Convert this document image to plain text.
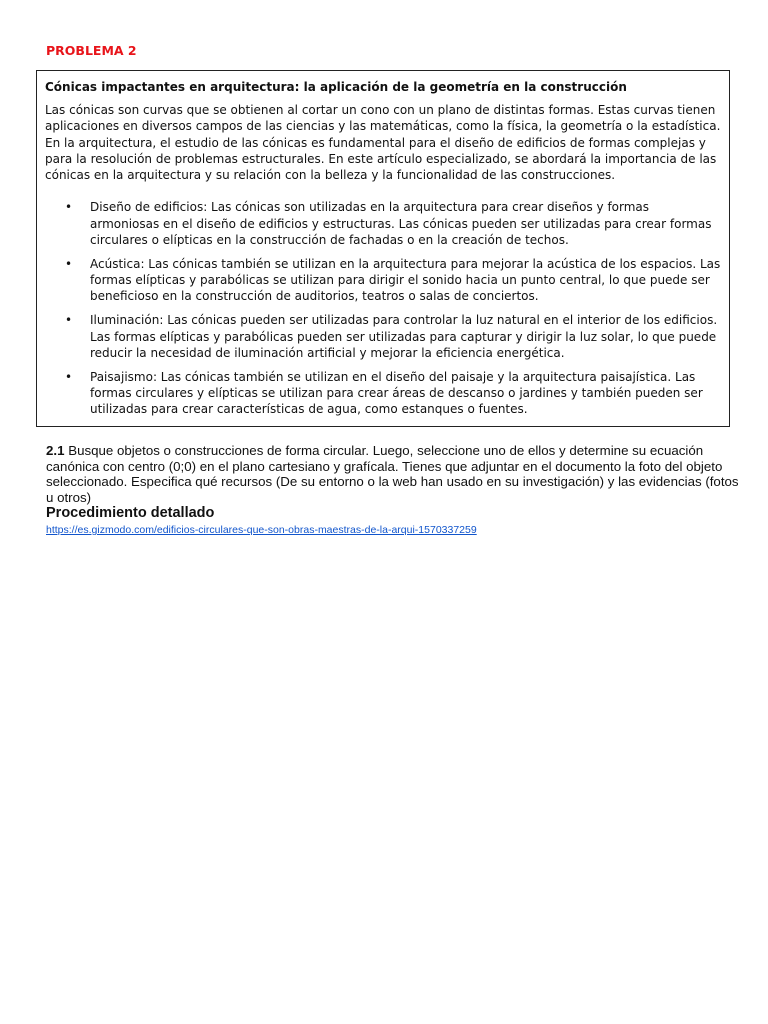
PROBLEMA 2

Cónicas impactantes en arquitectura: la aplicación de la geometría en la construcción

Las cónicas son curvas que se obtienen al cortar un cono con un plano de distintas formas. Estas curvas tienen aplicaciones en diversos campos de las ciencias y las matemáticas, como la física, la geometría o la estadística. En la arquitectura, el estudio de las cónicas es fundamental para el diseño de edificios de formas complejas y para la resolución de problemas estructurales. En este artículo especializado, se abordará la importancia de las cónicas en la arquitectura y su relación con la belleza y la funcionalidad de las construcciones.

• Diseño de edificios: Las cónicas son utilizadas en la arquitectura para crear diseños y formas armoniosas en el diseño de edificios y estructuras. Las cónicas pueden ser utilizadas para crear formas circulares o elípticas en la construcción de fachadas o en la creación de techos.
• Acústica: Las cónicas también se utilizan en la arquitectura para mejorar la acústica de los espacios. Las formas elípticas y parabólicas se utilizan para dirigir el sonido hacia un punto central, lo que puede ser beneficioso en la construcción de auditorios, teatros o salas de conciertos.
• Iluminación: Las cónicas pueden ser utilizadas para controlar la luz natural en el interior de los edificios. Las formas elípticas y parabólicas pueden ser utilizadas para capturar y dirigir la luz solar, lo que puede reducir la necesidad de iluminación artificial y mejorar la eficiencia energética.
• Paisajismo: Las cónicas también se utilizan en el diseño del paisaje y la arquitectura paisajística. Las formas circulares y elípticas se utilizan para crear áreas de descanso o jardines y también pueden ser utilizadas para crear características de agua, como estanques o fuentes.

2.1 Busque objetos o construcciones de forma circular. Luego, seleccione uno de ellos y determine su ecuación canónica con centro (0;0) en el plano cartesiano y grafícala. Tienes que adjuntar en el documento la foto del objeto seleccionado. Especifica qué recursos (De su entorno o la web han usado en su investigación) y las evidencias (fotos u otros)

Procedimiento detallado
https://es.gizmodo.com/edificios-circulares-que-son-obras-maestras-de-la-arqui-1570337259
